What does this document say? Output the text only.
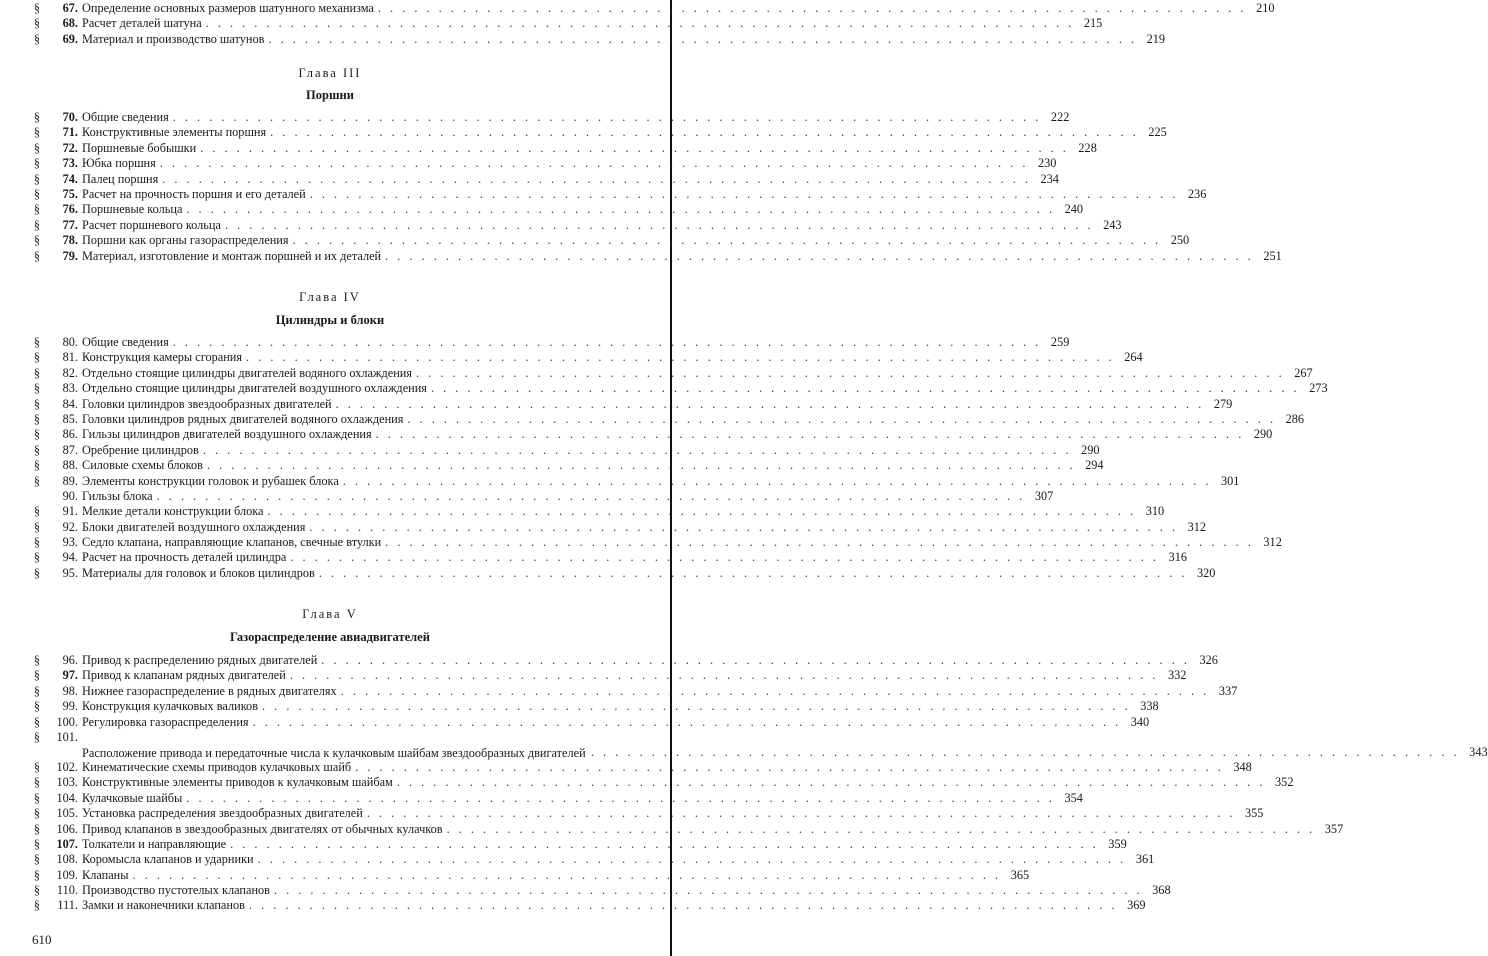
§	67. Определение основных размеров шатунного механизма . . .	210
§	68. Расчет деталей шатуна . . .	215
§	69. Материал и производство шатунов . . .	219
Глава III
Поршни
§	70. Общие сведения . . .	222
§	71. Конструктивные элементы поршня . . .	225
§	72. Поршневые бобышки . . .	228
§	73. Юбка поршня . . .	230
§	74. Палец поршня . . .	234
§	75. Расчет на прочность поршня и его деталей . . .	236
§	76. Поршневые кольца . . .	240
§	77. Расчет поршневого кольца . . .	243
§	78. Поршни как органы газораспределения . . .	250
§	79. Материал, изготовление и монтаж поршней и их деталей . . .	251
Глава IV
Цилиндры и блоки
§	80. Общие сведения . . .	259
§	81. Конструкция камеры сгорания . . .	264
§	82. Отдельно стоящие цилиндры двигателей водяного охлаждения . . .	267
§	83. Отдельно стоящие цилиндры двигателей воздушного охлаждения . . .	273
§	84. Головки цилиндров звездообразных двигателей . . .	279
§	85. Головки цилиндров рядных двигателей водяного охлаждения . . .	286
§	86. Гильзы цилиндров двигателей воздушного охлаждения . . .	290
§	87. Оребрение цилиндров . . .	290
§	88. Силовые схемы блоков . . .	294
§	89. Элементы конструкции головок и рубашек блока . . .	301
90. Гильзы блока . . .	307
§	91. Мелкие детали конструкции блока . . .	310
§	92. Блоки двигателей воздушного охлаждения . . .	312
§	93. Седло клапана, направляющие клапанов, свечные втулки . . .	312
§	94. Расчет на прочность деталей цилиндра . . .	316
§	95. Материалы для головок и блоков цилиндров . . .	320
Глава V
Газораспределение авиадвигателей
§	96. Привод к распределению рядных двигателей . . .	326
§	97. Привод к клапанам рядных двигателей . . .	332
§	98. Нижнее газораспределение в рядных двигателях . . .	337
§	99. Конструкция кулачковых валиков . . .	338
§	100. Регулировка газораспределения . . .	340
§	101.
Расположение привода и передаточные числа к кулачковым шайбам звездообразных двигателей . . .	343
§	102. Кинематические схемы приводов кулачковых шайб . . .	348
§	103. Конструктивные элементы приводов к кулачковым шайбам . . .	352
§	104. Кулачковые шайбы . . .	354
§	105. Установка распределения звездообразных двигателей . . .	355
§	106. Привод клапанов в звездообразных двигателях от обычных кулачков . . .	357
§	107. Толкатели и направляющие . . .	359
§	108. Коромысла клапанов и ударники . . .	361
§	109. Клапаны . . .	365
§	110. Производство пустотелых клапанов . . .	368
§	111. Замки и наконечники клапанов . . .	369
610
